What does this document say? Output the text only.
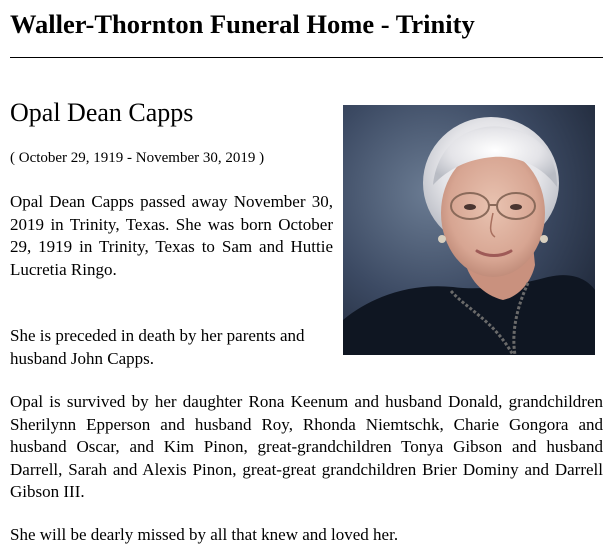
Waller-Thornton Funeral Home - Trinity
Opal Dean Capps
( October 29, 1919 - November 30, 2019 )

Opal Dean Capps passed away November 30, 2019 in Trinity, Texas. She was born October 29, 1919 in Trinity, Texas to Sam and Huttie Lucretia Ringo.

She is preceded in death by her parents and husband John Capps.

Opal is survived by her daughter Rona Keenum and husband Donald, grandchildren Sherilynn Epperson and husband Roy, Rhonda Niemtschk, Charie Gongora and husband Oscar, and Kim Pinon, great-grandchildren Tonya Gibson and husband Darrell, Sarah and Alexis Pinon, great-great grandchildren Brier Dominy and Darrell Gibson III.

She will be dearly missed by all that knew and loved her.
